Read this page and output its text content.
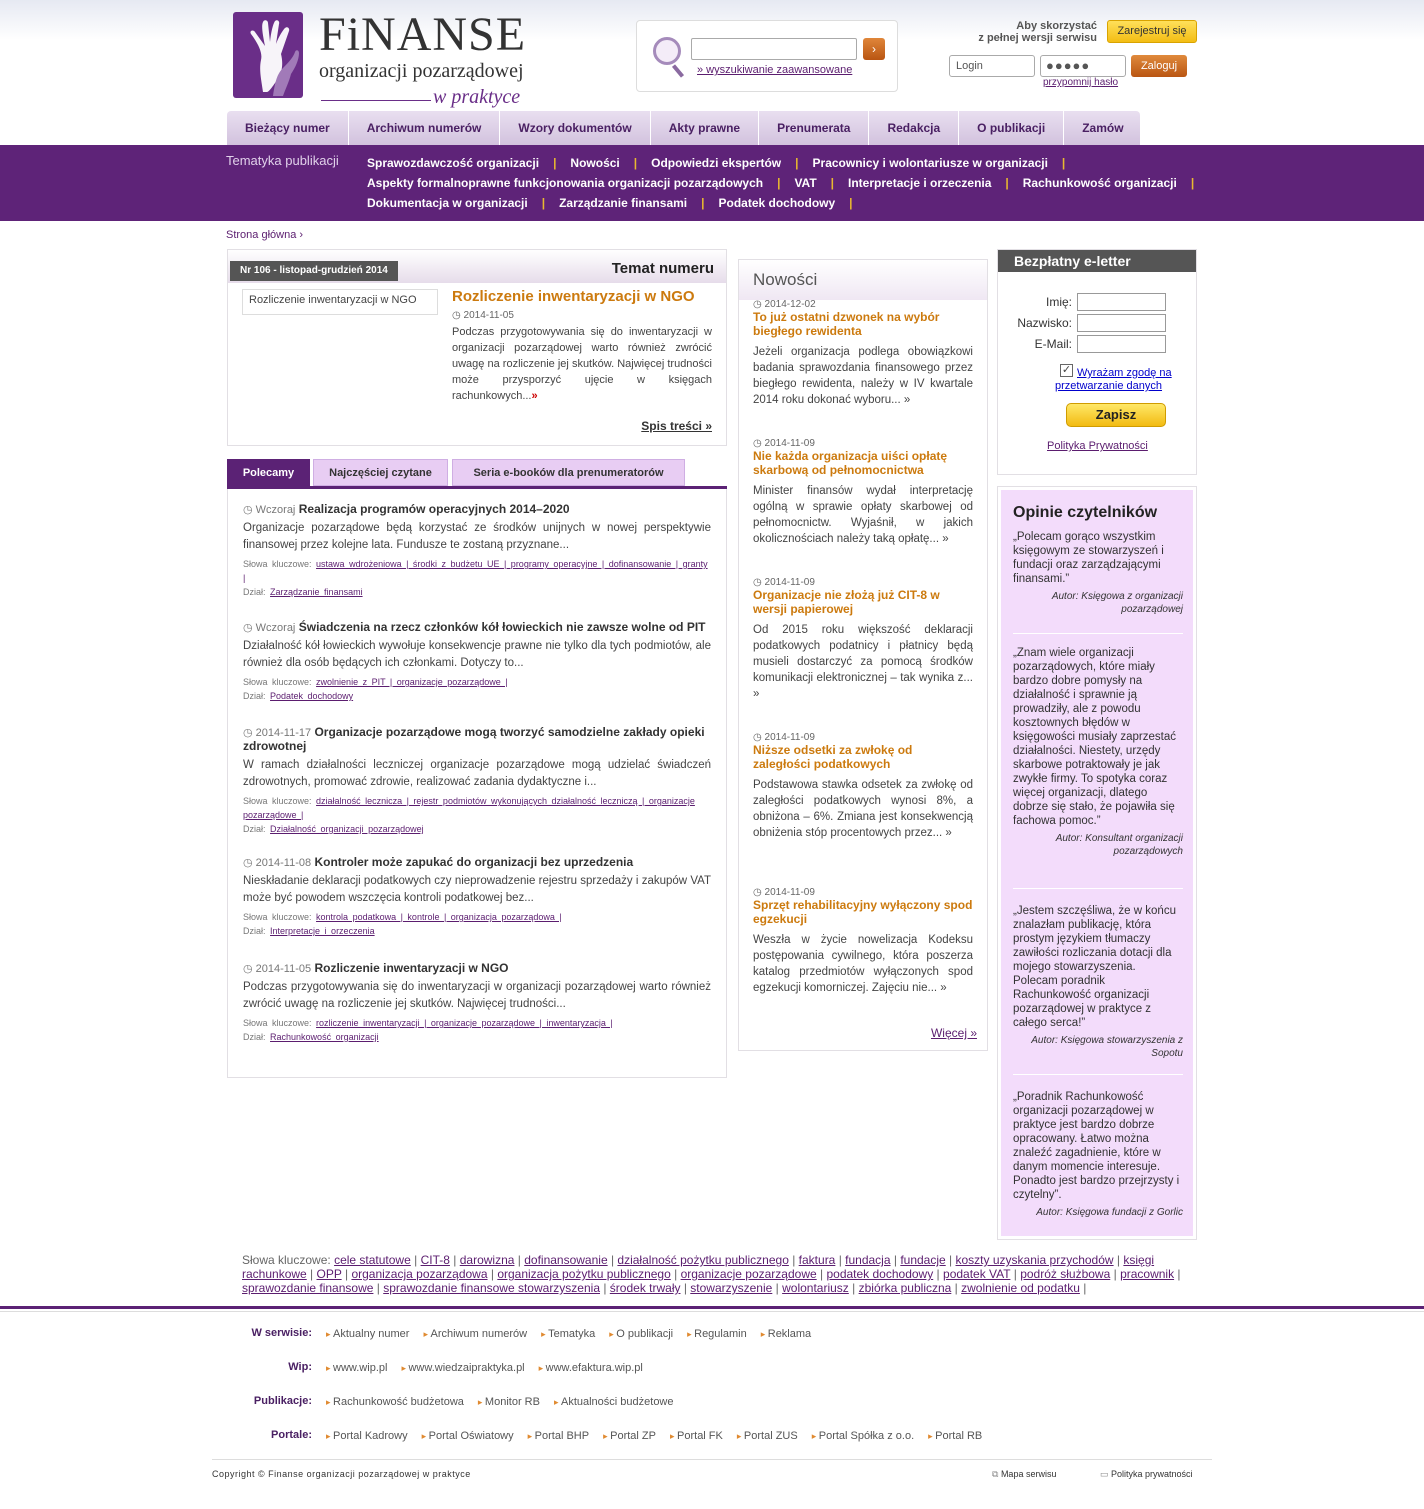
FiNANSE
organizacji pozarządowej
w praktyce
›
» wyszukiwanie zaawansowane
Aby skorzystać
z pełnej wersji serwisu
Zarejestruj się
Login	●●●●●	Zaloguj
przypomnij hasło
Bieżący numer	Archiwum numerów	Wzory dokumentów	Akty prawne	Prenumerata	Redakcja	O publikacji	Zamów
Tematyka publikacji Sprawozdawczość organizacji | Nowości | Odpowiedzi ekspertów | Pracownicy i wolontariusze w organizacji |
Aspekty formalnoprawne funkcjonowania organizacji pozarządowych | VAT | Interpretacje i orzeczenia | Rachunkowość organizacji |
Dokumentacja w organizacji | Zarządzanie finansami | Podatek dochodowy |
Strona główna ›
Nr 106 - listopad-grudzień 2014	Temat numeru
Rozliczenie inwentaryzacji w NGO	Rozliczenie inwentaryzacji w NGO
◷ 2014-11-05
Podczas przygotowywania się do inwentaryzacji w organizacji pozarządowej warto również zwrócić uwagę na rozliczenie jej skutków. Najwięcej trudności może przysporzyć ujęcie w księgach rachunkowych...»
Spis treści »
Polecamy	Najczęściej czytane	Seria e-booków dla prenumeratorów
◷ Wczoraj Realizacja programów operacyjnych 2014–2020
Organizacje pozarządowe będą korzystać ze środków unijnych w nowej perspektywie finansowej przez kolejne lata. Fundusze te zostaną przyznane...
Słowa kluczowe: ustawa wdrożeniowa | środki z budżetu UE | programy operacyjne | dofinansowanie | granty |
Dział: Zarządzanie finansami
◷ Wczoraj Świadczenia na rzecz członków kół łowieckich nie zawsze wolne od PIT
Działalność kół łowieckich wywołuje konsekwencje prawne nie tylko dla tych podmiotów, ale również dla osób będących ich członkami. Dotyczy to...
Słowa kluczowe: zwolnienie z PIT | organizacje pozarządowe |
Dział: Podatek dochodowy
◷ 2014-11-17 Organizacje pozarządowe mogą tworzyć samodzielne zakłady opieki zdrowotnej
W ramach działalności leczniczej organizacje pozarządowe mogą udzielać świadczeń zdrowotnych, promować zdrowie, realizować zadania dydaktyczne i...
Słowa kluczowe: działalność lecznicza | rejestr podmiotów wykonujących działalność leczniczą | organizacje pozarządowe |
Dział: Działalność organizacji pozarządowej
◷ 2014-11-08 Kontroler może zapukać do organizacji bez uprzedzenia
Nieskładanie deklaracji podatkowych czy nieprowadzenie rejestru sprzedaży i zakupów VAT może być powodem wszczęcia kontroli podatkowej bez...
Słowa kluczowe: kontrola podatkowa | kontrole | organizacja pozarządowa |
Dział: Interpretacje i orzeczenia
◷ 2014-11-05 Rozliczenie inwentaryzacji w NGO
Podczas przygotowywania się do inwentaryzacji w organizacji pozarządowej warto również zwrócić uwagę na rozliczenie jej skutków. Najwięcej trudności...
Słowa kluczowe: rozliczenie inwentaryzacji | organizacje pozarządowe | inwentaryzacja |
Dział: Rachunkowość organizacji
Nowości
Więcej »
◷ 2014-12-02
To już ostatni dzwonek na wybór biegłego rewidenta
Jeżeli organizacja podlega obowiązkowi badania sprawozdania finansowego przez biegłego rewidenta, należy w IV kwartale 2014 roku dokonać wyboru... »
◷ 2014-11-09
Nie każda organizacja uiści opłatę skarbową od pełnomocnictwa
Minister finansów wydał interpretację ogólną w sprawie opłaty skarbowej od pełnomocnictw. Wyjaśnił, w jakich okolicznościach należy taką opłatę... »
◷ 2014-11-09
Organizacje nie złożą już CIT-8 w wersji papierowej
Od 2015 roku większość deklaracji podatkowych podatnicy i płatnicy będą musieli dostarczyć za pomocą środków komunikacji elektronicznej – tak wynika z... »
◷ 2014-11-09
Niższe odsetki za zwłokę od zaległości podatkowych
Podstawowa stawka odsetek za zwłokę od zaległości podatkowych wynosi 8%, a obniżona – 6%. Zmiana jest konsekwencją obniżenia stóp procentowych przez... »
◷ 2014-11-09
Sprzęt rehabilitacyjny wyłączony spod egzekucji
Weszła w życie nowelizacja Kodeksu postępowania cywilnego, która poszerza katalog przedmiotów wyłączonych spod egzekucji komorniczej. Zajęciu nie... »
Bezpłatny e-letter
Imię:
Nazwisko:
E-Mail:
✓ Wyrażam zgodę na przetwarzanie danych
Zapisz
Polityka Prywatności
Opinie czytelników
„Polecam gorąco wszystkim księgowym ze stowarzyszeń i fundacji oraz zarządzającymi finansami.”
Autor: Księgowa z organizacji pozarządowej
„Znam wiele organizacji pozarządowych, które miały bardzo dobre pomysły na działalność i sprawnie ją prowadziły, ale z powodu kosztownych błędów w księgowości musiały zaprzestać działalności. Niestety, urzędy skarbowe potraktowały je jak zwykłe firmy. To spotyka coraz więcej organizacji, dlatego dobrze się stało, że pojawiła się fachowa pomoc.”
Autor: Konsultant organizacji pozarządowych
„Jestem szczęśliwa, że w końcu znalazłam publikację, która prostym językiem tłumaczy zawiłości rozliczania dotacji dla mojego stowarzyszenia. Polecam poradnik Rachunkowość organizacji pozarządowej w praktyce z całego serca!”
Autor: Księgowa stowarzyszenia z Sopotu
„Poradnik Rachunkowość organizacji pozarządowej w praktyce jest bardzo dobrze opracowany. Łatwo można znaleźć zagadnienie, które w danym momencie interesuje. Ponadto jest bardzo przejrzysty i czytelny”.
Autor: Księgowa fundacji z Gorlic
Słowa kluczowe: cele statutowe | CIT-8 | darowizna | dofinansowanie | działalność pożytku publicznego | faktura | fundacja | fundacje | koszty uzyskania przychodów | księgi rachunkowe | OPP | organizacja pozarządowa | organizacja pożytku publicznego | organizacje pozarządowe | podatek dochodowy | podatek VAT | podróż służbowa | pracownik | sprawozdanie finansowe | sprawozdanie finansowe stowarzyszenia | środek trwały | stowarzyszenie | wolontariusz | zbiórka publiczna | zwolnienie od podatku |
W serwisie:	▸ Aktualny numer ▸ Archiwum numerów ▸ Tematyka ▸ O publikacji ▸ Regulamin ▸ Reklama
Wip:	▸ www.wip.pl ▸ www.wiedzaipraktyka.pl ▸ www.efaktura.wip.pl
Publikacje:	▸ Rachunkowość budżetowa ▸ Monitor RB ▸ Aktualności budżetowe
Portale:	▸ Portal Kadrowy ▸ Portal Oświatowy ▸ Portal BHP ▸ Portal ZP ▸ Portal FK ▸ Portal ZUS ▸ Portal Spółka z o.o. ▸ Portal RB
Copyright © Finanse organizacji pozarządowej w praktyce	⧉ Mapa serwisu	▭ Polityka prywatności
